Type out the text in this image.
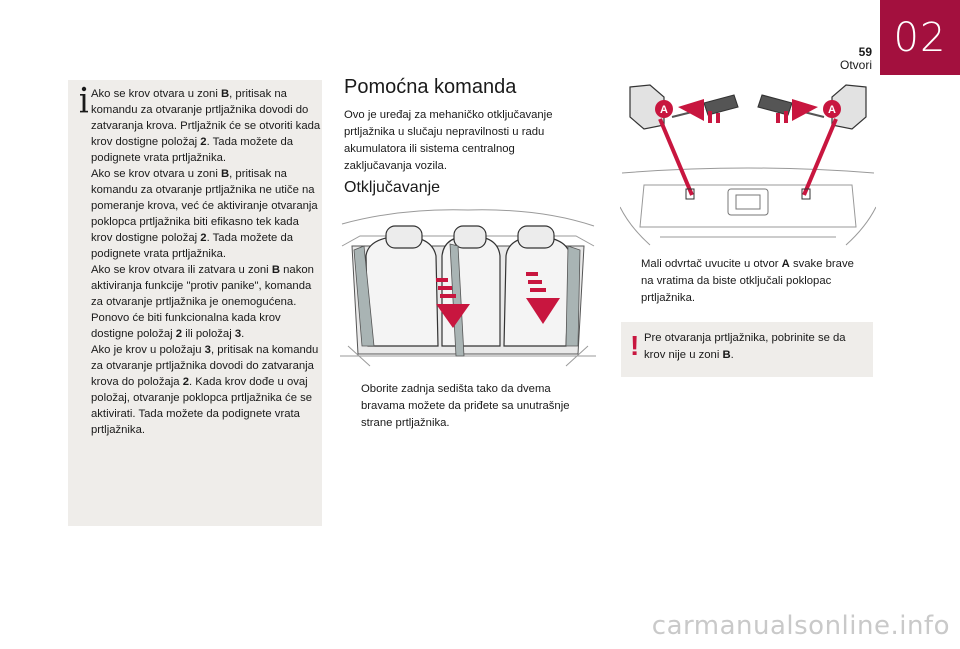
02
59
Otvori

Ako se krov otvara u zoni B, pritisak na komandu za otvaranje prtljažnika dovodi do zatvaranja krova. Prtljažnik će se otvoriti kada krov dostigne položaj 2. Tada možete da podignete vrata prtljažnika.

Ako se krov otvara u zoni B, pritisak na komandu za otvaranje prtljažnika ne utiče na pomeranje krova, već će aktiviranje otvaranja poklopca prtljažnika biti efikasno tek kada krov dostigne položaj 2. Tada možete da podignete vrata prtljažnika.

Ako se krov otvara ili zatvara u zoni B nakon aktiviranja funkcije "protiv panike", komanda za otvaranje prtljažnika je onemogućena. Ponovo će biti funkcionalna kada krov dostigne položaj 2 ili položaj 3.

Ako je krov u položaju 3, pritisak na komandu za otvaranje prtljažnika dovodi do zatvaranja krova do položaja 2. Kada krov dođe u ovaj položaj, otvaranje poklopca prtljažnika će se aktivirati. Tada možete da podignete vrata prtljažnika.

Pomoćna komanda

Ovo je uređaj za mehaničko otključavanje prtljažnika u slučaju nepravilnosti u radu akumulatora ili sistema centralnog zaključavanja vozila.

Otključavanje
Oborite zadnja sedišta tako da dvema bravama možete da priđete sa unutrašnje strane prtljažnika.
A	A
Mali odvrtač uvucite u otvor A svake brave na vratima da biste otključali poklopac prtljažnika.
! Pre otvaranja prtljažnika, pobrinite se da krov nije u zoni B.
carmanualsonline.info
